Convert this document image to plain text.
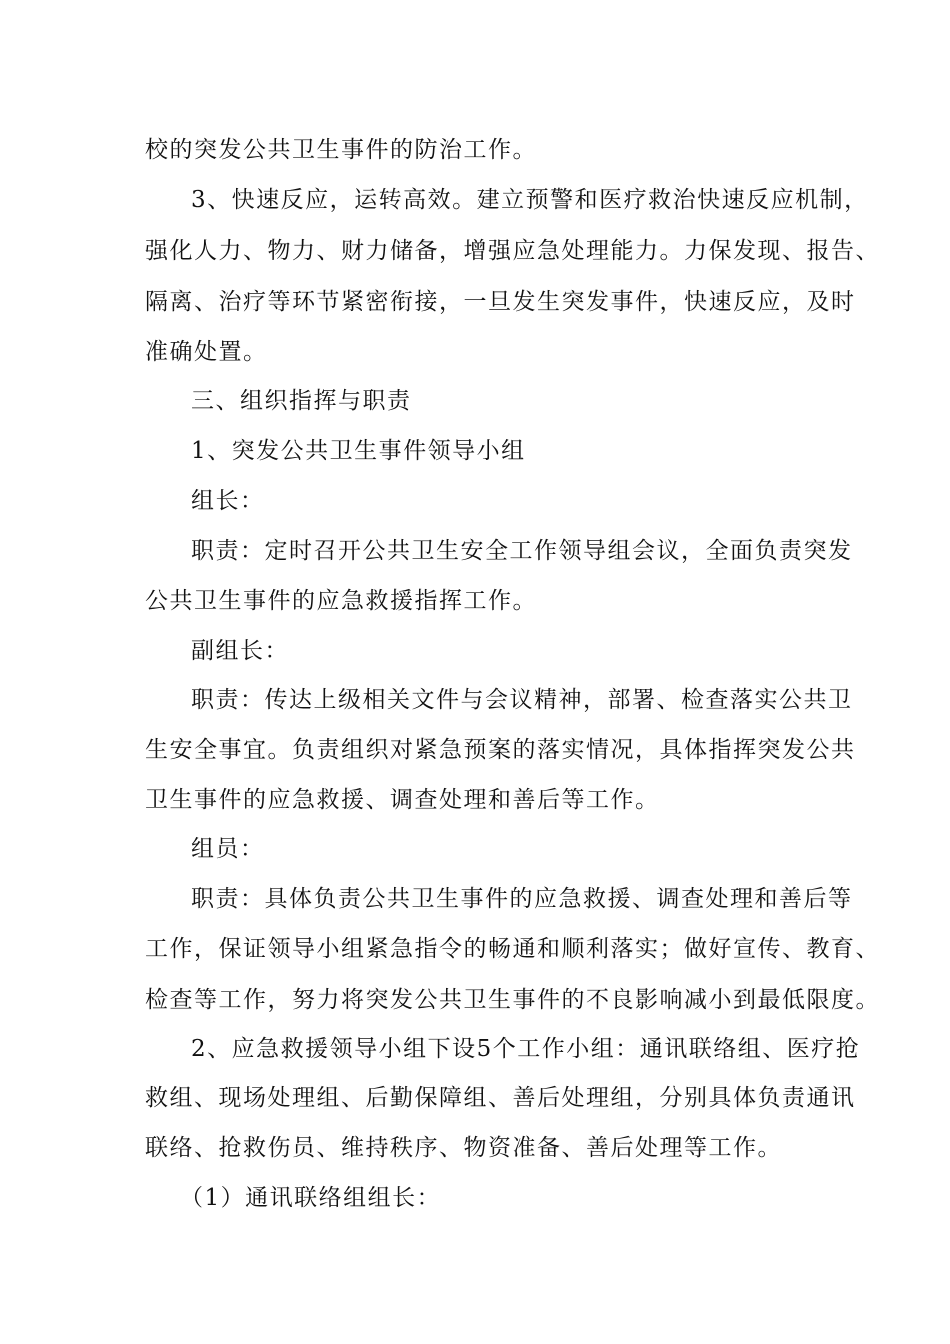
校的突发公共卫生事件的防治工作。
3、快速反应，运转高效。建立预警和医疗救治快速反应机制，
强化人力、物力、财力储备，增强应急处理能力。力保发现、报告、
隔离、治疗等环节紧密衔接，一旦发生突发事件，快速反应，及时
准确处置。
三、组织指挥与职责
1、突发公共卫生事件领导小组
组长：
职责：定时召开公共卫生安全工作领导组会议，全面负责突发
公共卫生事件的应急救援指挥工作。
副组长：
职责：传达上级相关文件与会议精神，部署、检查落实公共卫
生安全事宜。负责组织对紧急预案的落实情况，具体指挥突发公共
卫生事件的应急救援、调查处理和善后等工作。
组员：
职责：具体负责公共卫生事件的应急救援、调查处理和善后等
工作，保证领导小组紧急指令的畅通和顺利落实；做好宣传、教育、
检查等工作，努力将突发公共卫生事件的不良影响减小到最低限度。
2、应急救援领导小组下设5个工作小组：通讯联络组、医疗抢
救组、现场处理组、后勤保障组、善后处理组，分别具体负责通讯
联络、抢救伤员、维持秩序、物资准备、善后处理等工作。
（1）通讯联络组组长：
